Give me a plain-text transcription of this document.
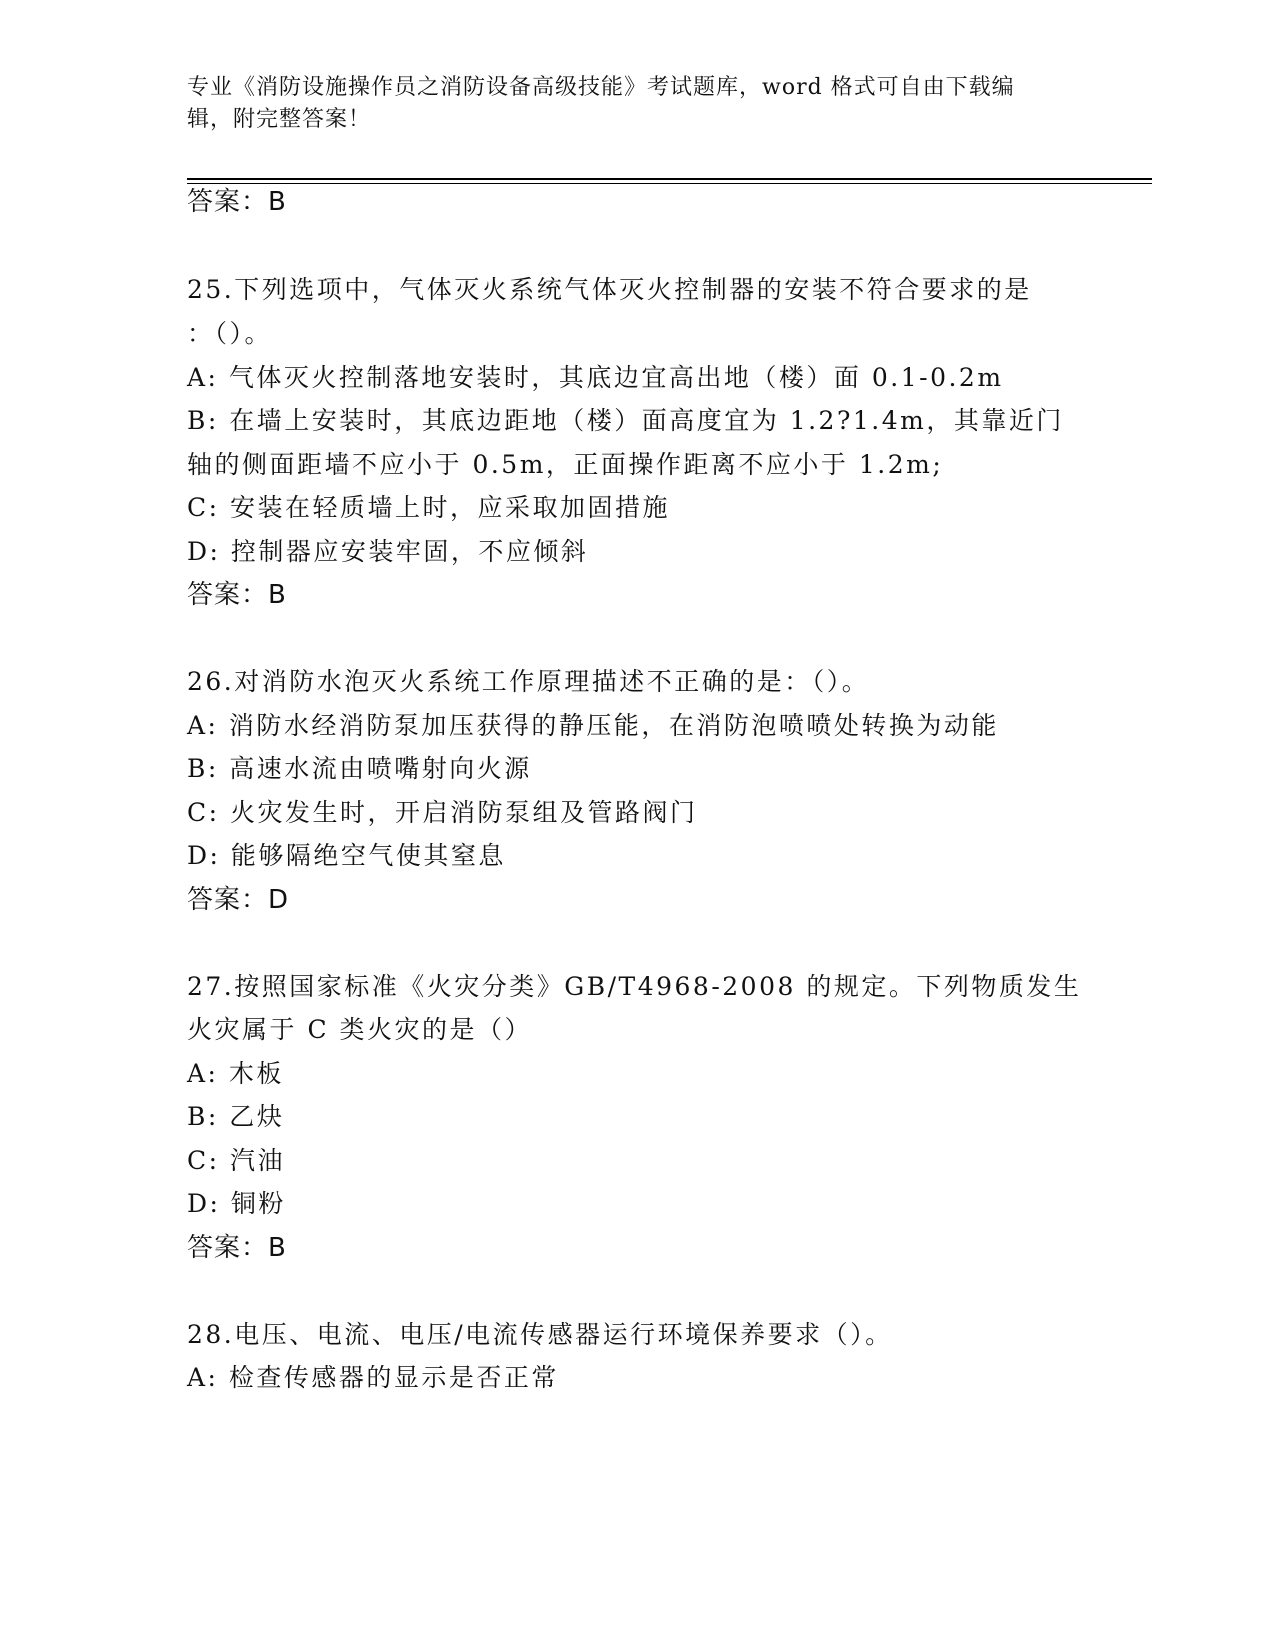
专业《消防设施操作员之消防设备高级技能》考试题库，word 格式可自由下载编
辑，附完整答案！
答案：B
25.下列选项中，气体灭火系统气体灭火控制器的安装不符合要求的是
：（）。
A: 气体灭火控制落地安装时，其底边宜高出地（楼）面 0.1-0.2m
B: 在墙上安装时，其底边距地（楼）面高度宜为 1.2?1.4m，其靠近门
轴的侧面距墙不应小于 0.5m，正面操作距离不应小于 1.2m;
C: 安装在轻质墙上时，应采取加固措施
D: 控制器应安装牢固，不应倾斜
答案：B
26.对消防水泡灭火系统工作原理描述不正确的是：（）。
A: 消防水经消防泵加压获得的静压能，在消防泡喷喷处转换为动能
B: 高速水流由喷嘴射向火源
C: 火灾发生时，开启消防泵组及管路阀门
D: 能够隔绝空气使其窒息
答案：D
27.按照国家标准《火灾分类》GB/T4968-2008 的规定。下列物质发生
火灾属于 C 类火灾的是（）
A: 木板
B: 乙炔
C: 汽油
D: 铜粉
答案：B
28.电压、电流、电压/电流传感器运行环境保养要求（）。
A: 检查传感器的显示是否正常
